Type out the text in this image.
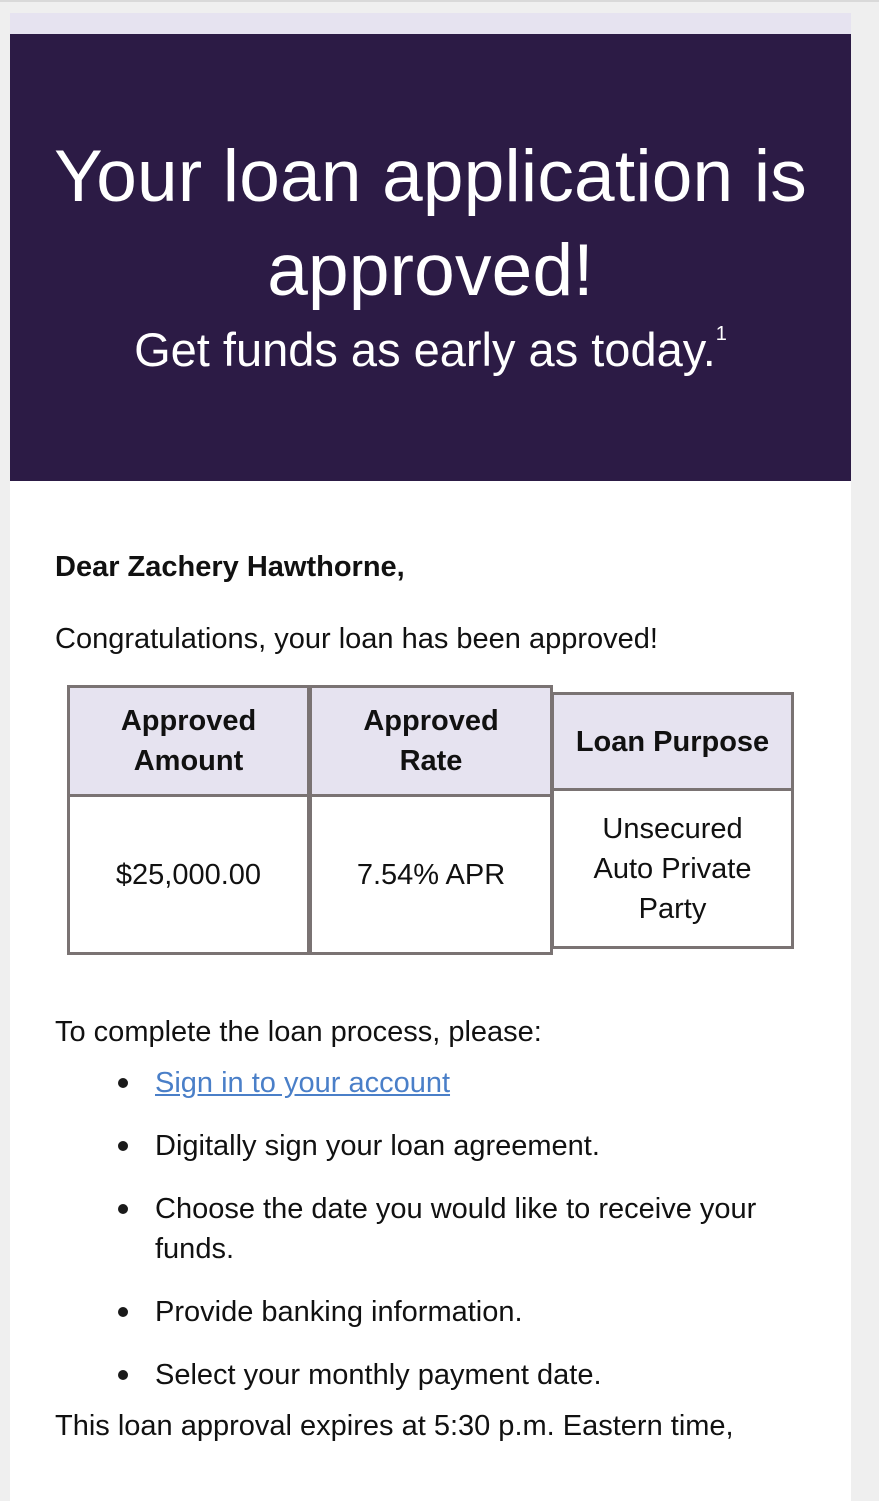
Your loan application is approved!
Get funds as early as today.$^1$

Dear Zachery Hawthorne,

Congratulations, your loan has been approved!

Approved Amount
$25,000.00
Approved Rate
7.54% APR
Loan Purpose
Unsecured Auto Private Party

To complete the loan process, please:

Sign in to your account
Digitally sign your loan agreement.
Choose the date you would like to receive your funds.
Provide banking information.
Select your monthly payment date.

This loan approval expires at 5:30 p.m. Eastern time,
